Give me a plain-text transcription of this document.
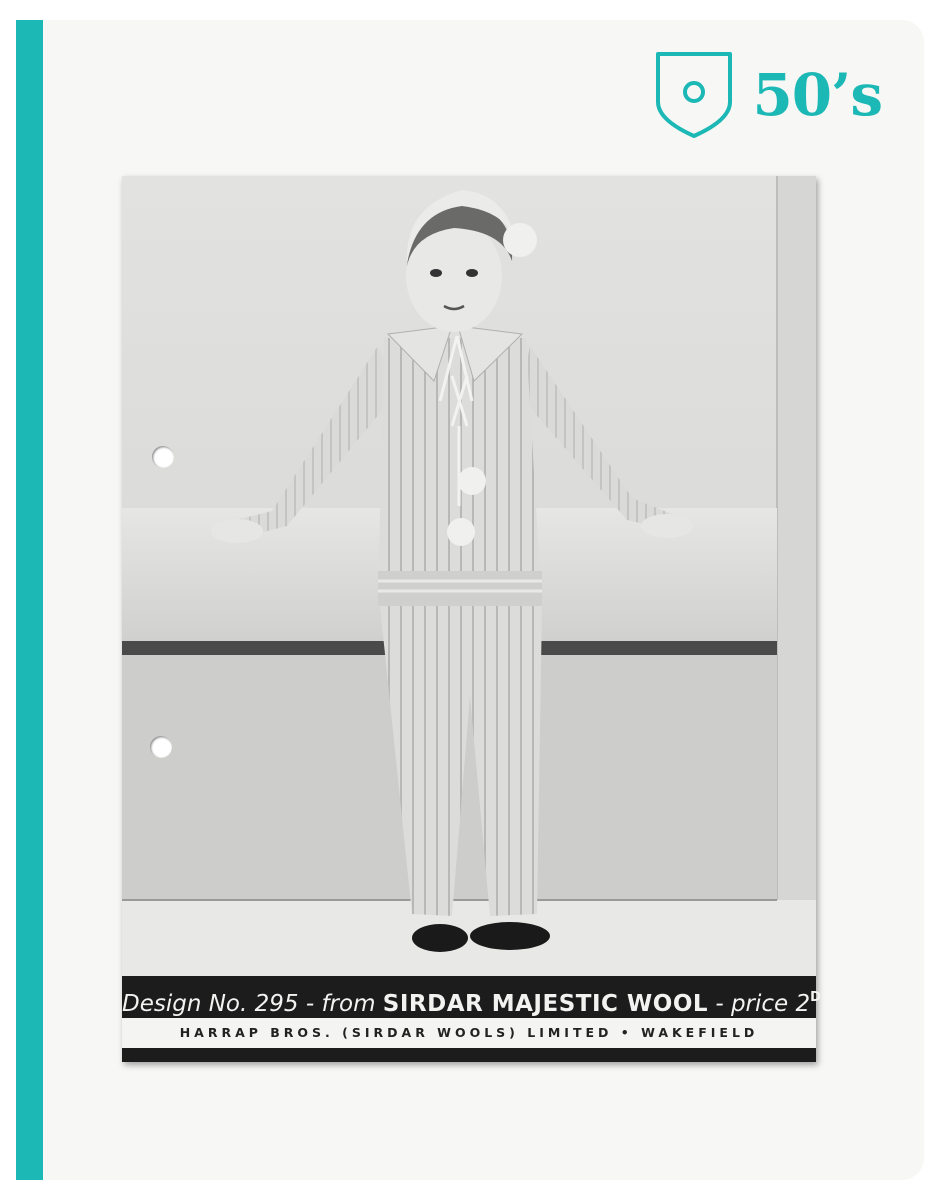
50’s
Design No. 295 - from SIRDAR MAJESTIC WOOL - price $2^D$
HARRAP BROS. (SIRDAR WOOLS) LIMITED • WAKEFIELD
